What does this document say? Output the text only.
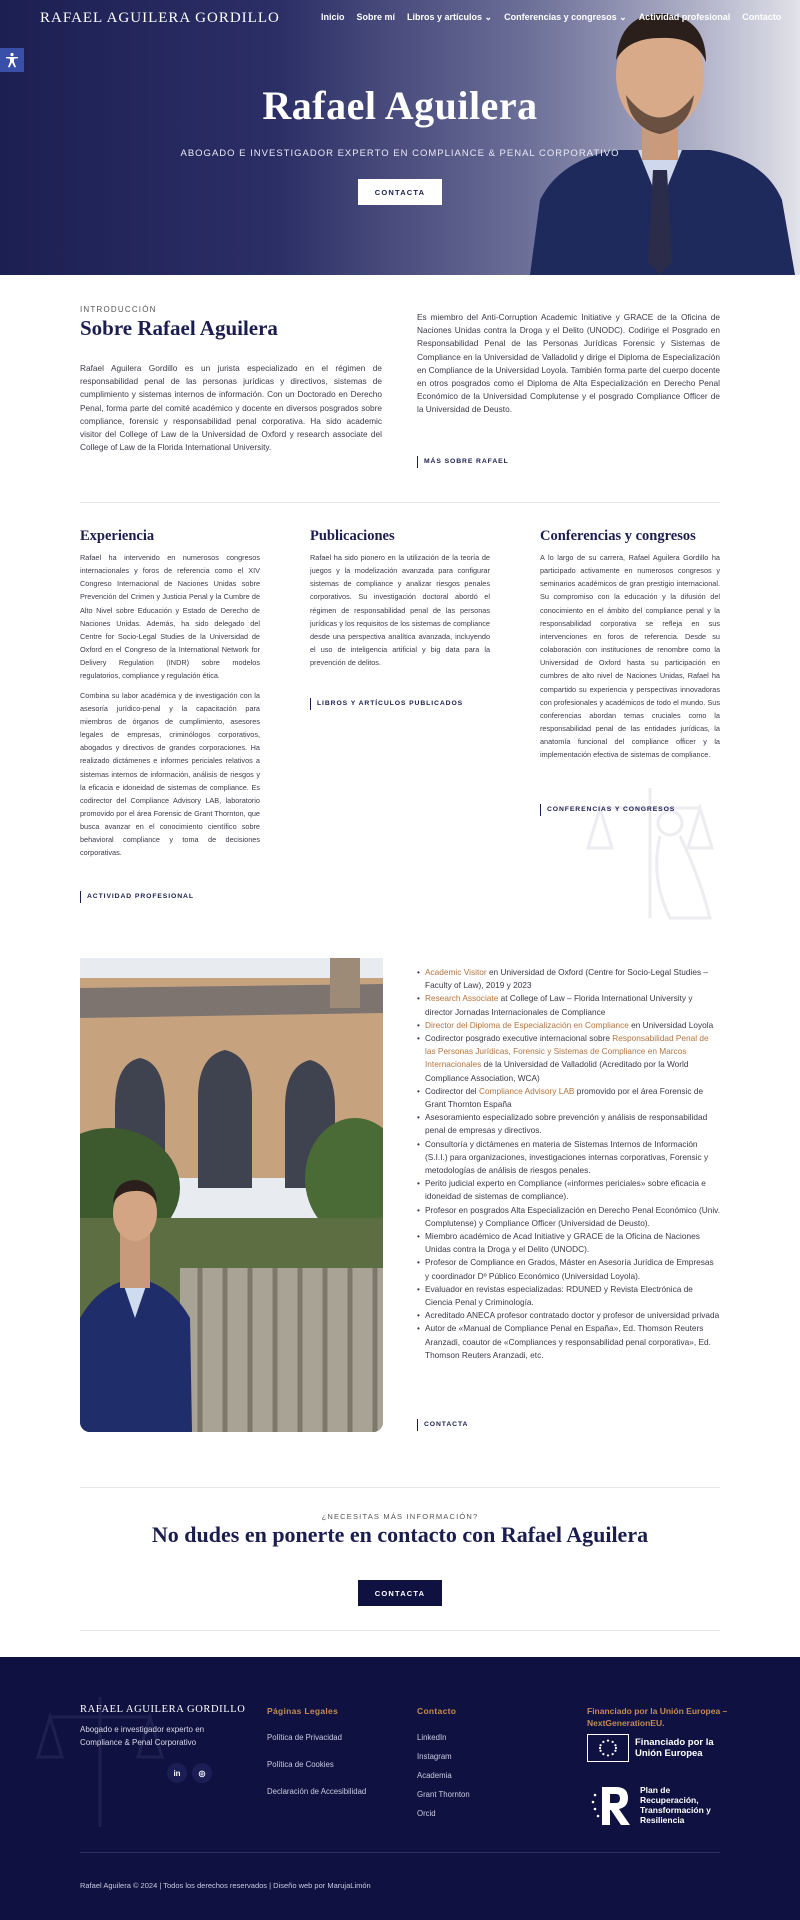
RAFAEL AGUILERA GORDILLO	Inicio Sobre mí Libros y artículos ⌄ Conferencias y congresos ⌄ Actividad profesional Contacto
Rafael Aguilera
ABOGADO E INVESTIGADOR EXPERTO EN COMPLIANCE & PENAL CORPORATIVO
CONTACTA
INTRODUCCIÓN
Sobre Rafael Aguilera

Rafael Aguilera Gordillo es un jurista especializado en el régimen de responsabilidad penal de las personas jurídicas y directivos, sistemas de cumplimiento y sistemas internos de información. Con un Doctorado en Derecho Penal, forma parte del comité académico y docente en diversos posgrados sobre compliance, forensic y responsabilidad penal corporativa. Ha sido academic visitor del College of Law de la Universidad de Oxford y research associate del College of Law de la Florida International University.

Es miembro del Anti-Corruption Academic Initiative y GRACE de la Oficina de Naciones Unidas contra la Droga y el Delito (UNODC). Codirige el Posgrado en Responsabilidad Penal de las Personas Jurídicas Forensic y Sistemas de Compliance en la Universidad de Valladolid y dirige el Diploma de Especialización en Compliance de la Universidad Loyola. También forma parte del cuerpo docente en otros posgrados como el Diploma de Alta Especialización en Derecho Penal Económico de la Universidad Complutense y el posgrado Compliance Officer de la Universidad de Deusto.

MÁS SOBRE RAFAEL
Experiencia

Rafael ha intervenido en numerosos congresos internacionales y foros de referencia como el XIV Congreso Internacional de Naciones Unidas sobre Prevención del Crimen y Justicia Penal y la Cumbre de Alto Nivel sobre Educación y Estado de Derecho de Naciones Unidas. Además, ha sido delegado del Centre for Socio-Legal Studies de la Universidad de Oxford en el Congreso de la International Network for Delivery Regulation (INDR) sobre modelos regulatorios, compliance y regulación ética.

Combina su labor académica y de investigación con la asesoría jurídico-penal y la capacitación para miembros de órganos de cumplimiento, asesores legales de empresas, criminólogos corporativos, abogados y directivos de grandes corporaciones. Ha realizado dictámenes e informes periciales relativos a sistemas internos de información, análisis de riesgos y la eficacia e idoneidad de sistemas de compliance. Es codirector del Compliance Advisory LAB, laboratorio promovido por el área Forensic de Grant Thornton, que busca avanzar en el conocimiento científico sobre behavioral compliance y toma de decisiones corporativas.

ACTIVIDAD PROFESIONAL
Publicaciones

Rafael ha sido pionero en la utilización de la teoría de juegos y la modelización avanzada para configurar sistemas de compliance y analizar riesgos penales corporativos. Su investigación doctoral abordó el régimen de responsabilidad penal de las personas jurídicas y los requisitos de los sistemas de compliance desde una perspectiva analítica avanzada, incluyendo el uso de inteligencia artificial y big data para la prevención de delitos.

LIBROS Y ARTÍCULOS PUBLICADOS
Conferencias y congresos

A lo largo de su carrera, Rafael Aguilera Gordillo ha participado activamente en numerosos congresos y seminarios académicos de gran prestigio internacional. Su compromiso con la educación y la difusión del conocimiento en el ámbito del compliance penal y la responsabilidad corporativa se refleja en sus intervenciones en foros de referencia. Desde su colaboración con instituciones de renombre como la Universidad de Oxford hasta su participación en cumbres de alto nivel de Naciones Unidas, Rafael ha compartido su experiencia y perspectivas innovadoras con profesionales y académicos de todo el mundo. Sus conferencias abordan temas cruciales como la responsabilidad penal de las entidades jurídicas, la anatomía funcional del compliance officer y la implementación efectiva de sistemas de compliance.

CONFERENCIAS Y CONGRESOS
• Academic Visitor en Universidad de Oxford (Centre for Socio-Legal Studies – Faculty of Law), 2019 y 2023
• Research Associate at College of Law – Florida International University y director Jornadas Internacionales de Compliance
• Director del Diploma de Especialización en Compliance en Universidad Loyola
• Codirector posgrado executive internacional sobre Responsabilidad Penal de las Personas Jurídicas, Forensic y Sistemas de Compliance en Marcos Internacionales de la Universidad de Valladolid (Acreditado por la World Compliance Association, WCA)
• Codirector del Compliance Advisory LAB promovido por el área Forensic de Grant Thornton España
• Asesoramiento especializado sobre prevención y análisis de responsabilidad penal de empresas y directivos.
• Consultoría y dictámenes en materia de Sistemas Internos de Información (S.I.I.) para organizaciones, investigaciones internas corporativas, Forensic y metodologías de análisis de riesgos penales.
• Perito judicial experto en Compliance («informes periciales» sobre eficacia e idoneidad de sistemas de compliance).
• Profesor en posgrados Alta Especialización en Derecho Penal Económico (Univ. Complutense) y Compliance Officer (Universidad de Deusto).
• Miembro académico de Acad Initiative y GRACE de la Oficina de Naciones Unidas contra la Droga y el Delito (UNODC).
• Profesor de Compliance en Grados, Máster en Asesoría Jurídica de Empresas y coordinador Dº Público Económico (Universidad Loyola).
• Evaluador en revistas especializadas: RDUNED y Revista Electrónica de Ciencia Penal y Criminología.
• Acreditado ANECA profesor contratado doctor y profesor de universidad privada
• Autor de «Manual de Compliance Penal en España», Ed. Thomson Reuters Aranzadi, coautor de «Compliances y responsabilidad penal corporativa», Ed. Thomson Reuters Aranzadi, etc.
CONTACTA
¿NECESITAS MÁS INFORMACIÓN?
No dudes en ponerte en contacto con Rafael Aguilera
CONTACTA
RAFAEL AGUILERA GORDILLO
Abogado e investigador experto en Compliance & Penal Corporativo
in ◎
Páginas Legales
Política de Privacidad
Política de Cookies
Declaración de Accesibilidad
Contacto
LinkedIn
Instagram
Academia
Grant Thornton
Orcid
Financiado por la Unión Europea – NextGenerationEU.
Financiado por la Unión Europea
Plan de Recuperación, Transformación y Resiliencia
Rafael Aguilera © 2024 | Todos los derechos reservados | Diseño web por MarujaLimón
